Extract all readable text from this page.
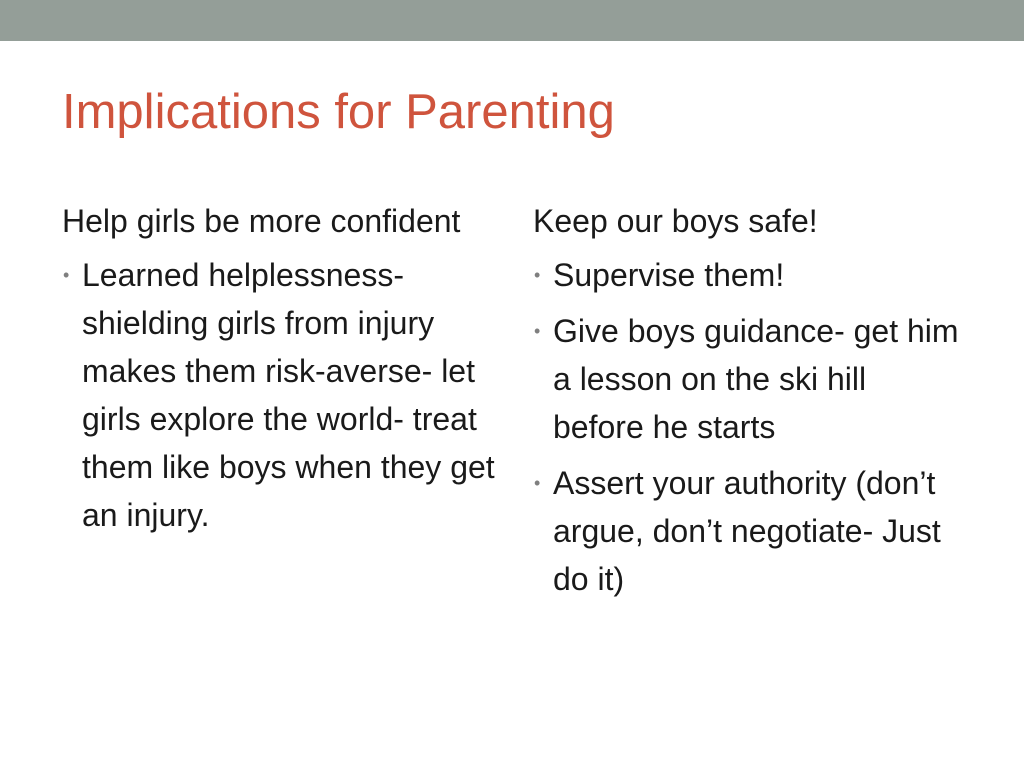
Implications for Parenting

Help girls be more confident

• Learned helplessness- shielding girls from injury makes them risk-averse- let girls explore the world- treat them like boys when they get an injury.

Keep our boys safe!

• Supervise them!
• Give boys guidance- get him a lesson on the ski hill before he starts
• Assert your authority (don’t argue, don’t negotiate- Just do it)
